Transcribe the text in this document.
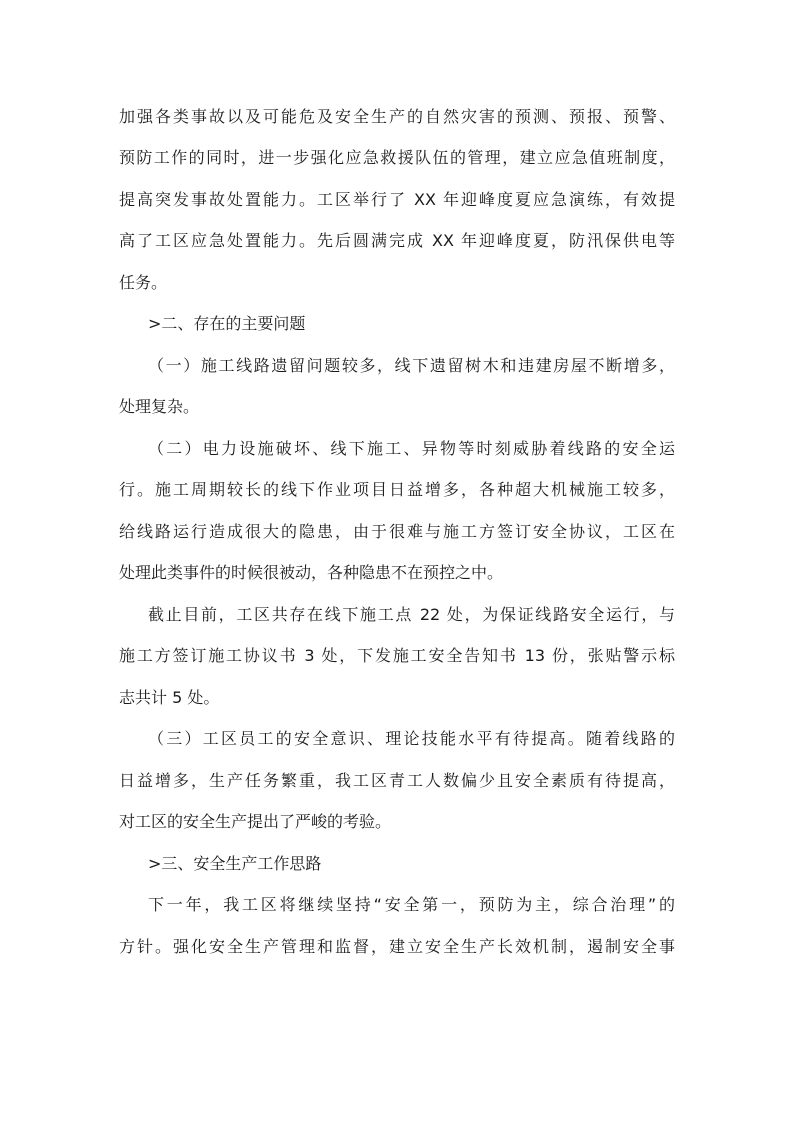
加强各类事故以及可能危及安全生产的自然灾害的预测、预报、预警、
预防工作的同时，进一步强化应急救援队伍的管理，建立应急值班制度，
提高突发事故处置能力。工区举行了 XX 年迎峰度夏应急演练，有效提
高了工区应急处置能力。先后圆满完成 XX 年迎峰度夏，防汛保供电等
任务。
>二、存在的主要问题
（一）施工线路遗留问题较多，线下遗留树木和违建房屋不断增多，
处理复杂。
（二）电力设施破坏、线下施工、异物等时刻威胁着线路的安全运
行。施工周期较长的线下作业项目日益增多，各种超大机械施工较多，
给线路运行造成很大的隐患，由于很难与施工方签订安全协议，工区在
处理此类事件的时候很被动，各种隐患不在预控之中。
截止目前，工区共存在线下施工点 22 处，为保证线路安全运行，与
施工方签订施工协议书 3 处，下发施工安全告知书 13 份，张贴警示标
志共计 5 处。
（三）工区员工的安全意识、理论技能水平有待提高。随着线路的
日益增多，生产任务繁重，我工区青工人数偏少且安全素质有待提高，
对工区的安全生产提出了严峻的考验。
>三、安全生产工作思路
下一年，我工区将继续坚持“安全第一，预防为主，综合治理”的
方针。强化安全生产管理和监督，建立安全生产长效机制，遏制安全事
